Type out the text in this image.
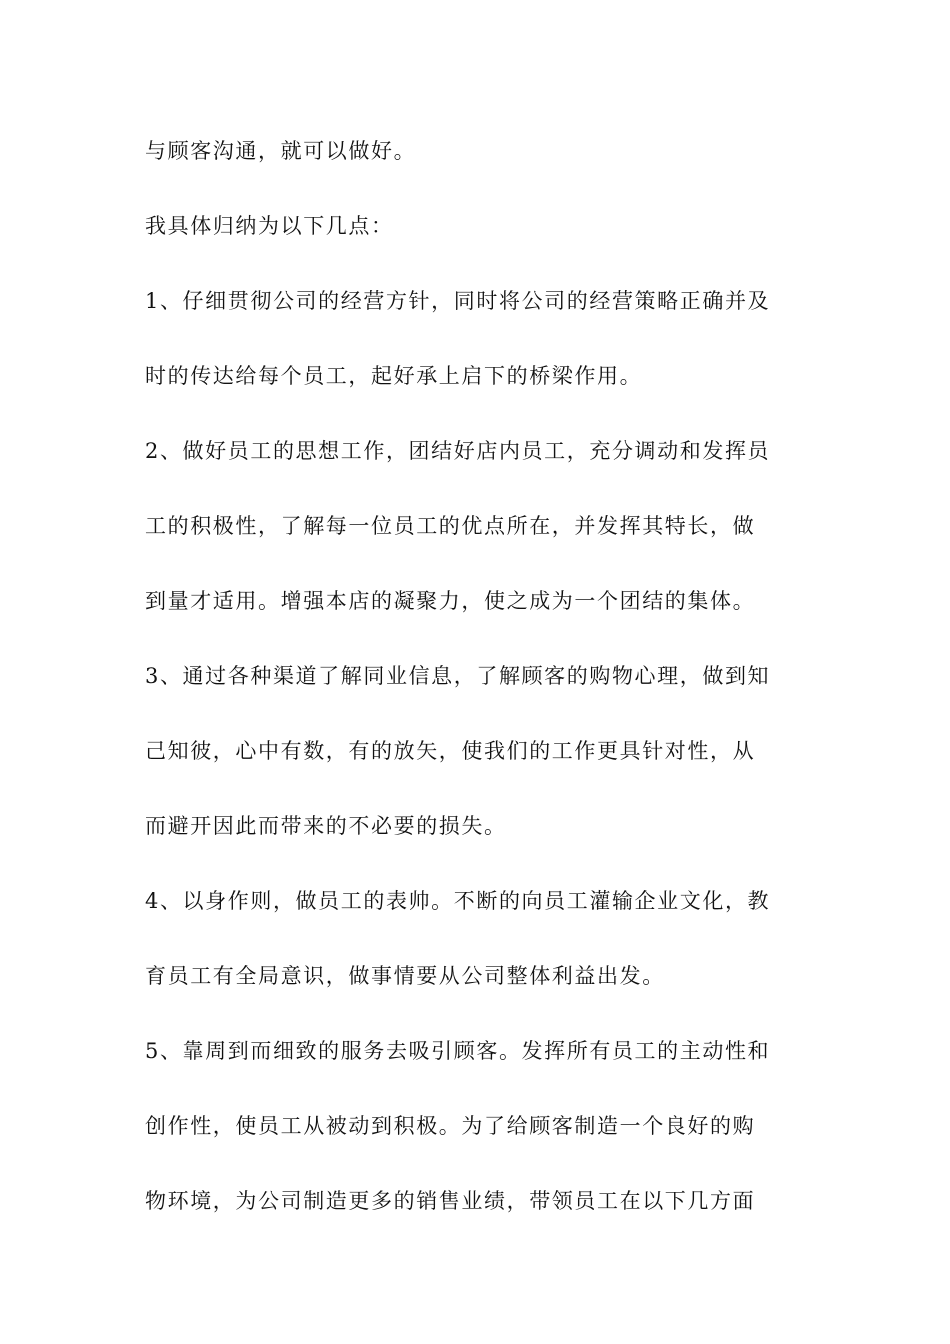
与顾客沟通，就可以做好。
我具体归纳为以下几点：
1、仔细贯彻公司的经营方针，同时将公司的经营策略正确并及
时的传达给每个员工，起好承上启下的桥梁作用。
2、做好员工的思想工作，团结好店内员工，充分调动和发挥员
工的积极性，了解每一位员工的优点所在，并发挥其特长，做
到量才适用。增强本店的凝聚力，使之成为一个团结的集体。
3、通过各种渠道了解同业信息，了解顾客的购物心理，做到知
己知彼，心中有数，有的放矢，使我们的工作更具针对性，从
而避开因此而带来的不必要的损失。
4、以身作则，做员工的表帅。不断的向员工灌输企业文化，教
育员工有全局意识，做事情要从公司整体利益出发。
5、靠周到而细致的服务去吸引顾客。发挥所有员工的主动性和
创作性，使员工从被动到积极。为了给顾客制造一个良好的购
物环境，为公司制造更多的销售业绩，带领员工在以下几方面
